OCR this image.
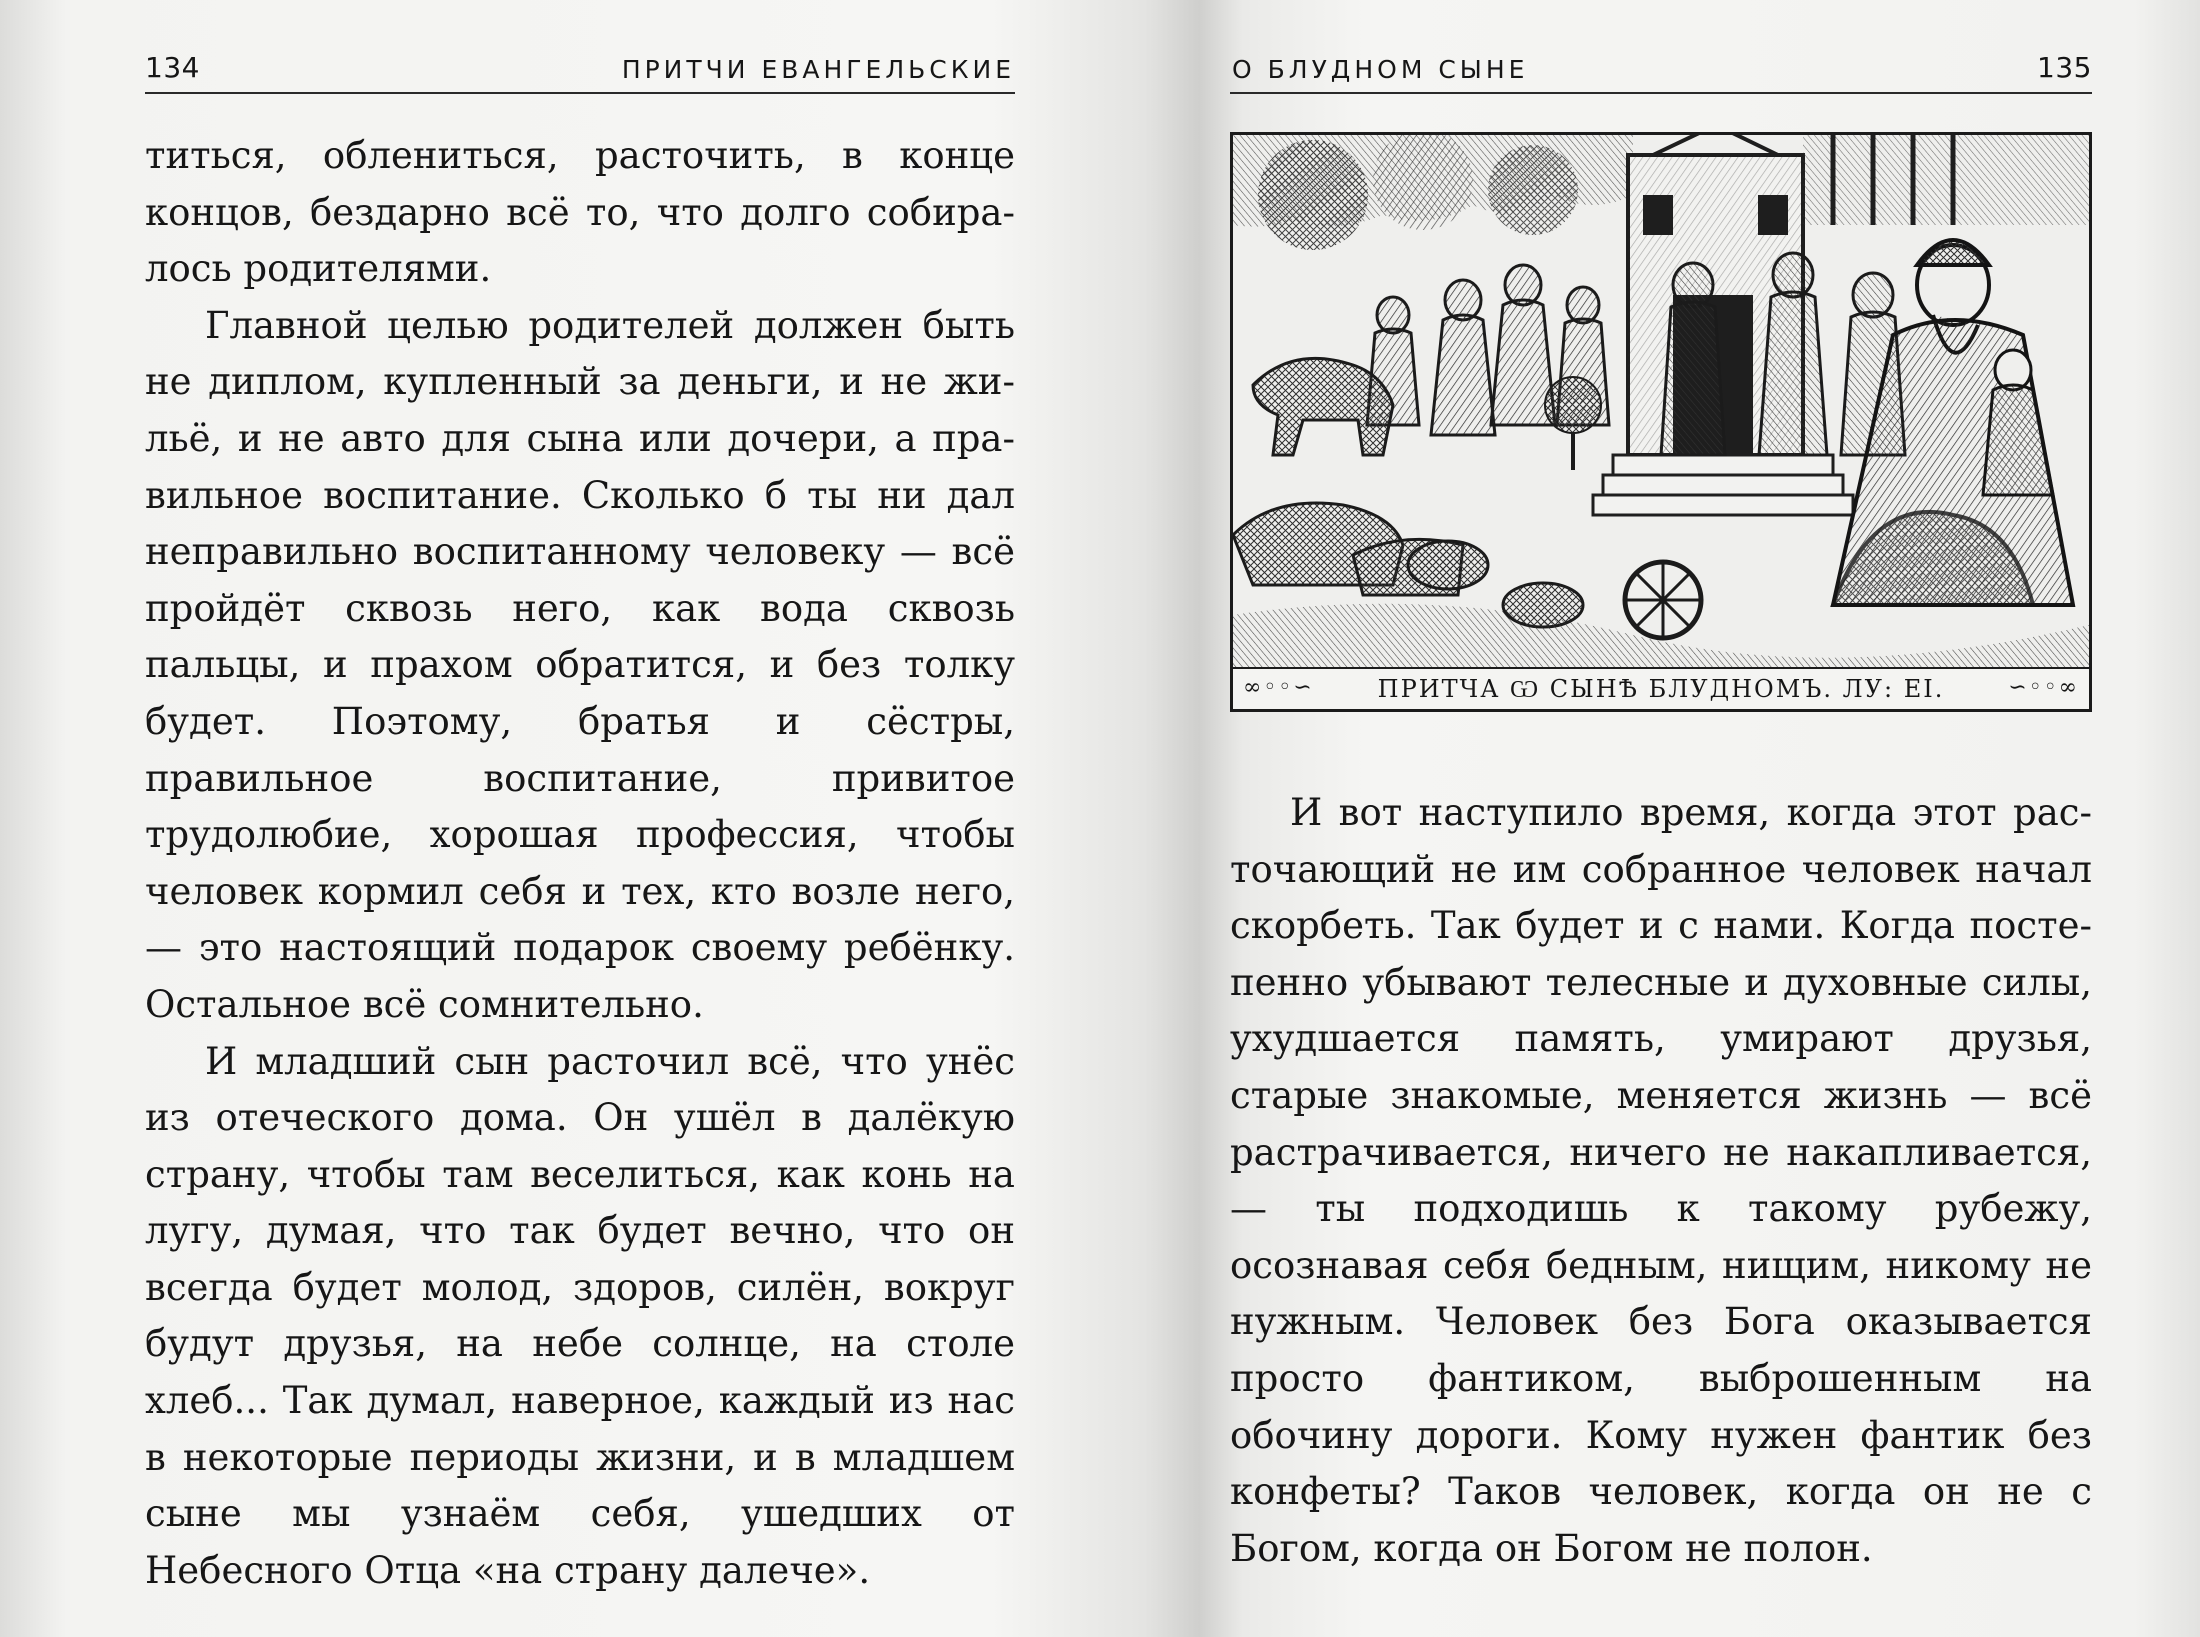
134	ПРИТЧИ ЕВАНГЕЛЬСКИЕ

титься, облениться, расточить, в конце концов, бездарно всё то, что долго собиралось родителями.

Главной целью родителей должен быть не диплом, купленный за деньги, и не жильё, и не авто для сына или дочери, а правильное воспитание. Сколько б ты ни дал неправильно воспитанному человеку — всё пройдёт сквозь него, как вода сквозь пальцы, и прахом обратится, и без толку будет. Поэтому, братья и сёстры, правильное воспитание, привитое трудолюбие, хорошая профессия, чтобы человек кормил себя и тех, кто возле него, — это настоящий подарок своему ребёнку. Остальное всё сомнительно.

И младший сын расточил всё, что унёс из отеческого дома. Он ушёл в далёкую страну, чтобы там веселиться, как конь на лугу, думая, что так будет вечно, что он всегда будет молод, здоров, силён, вокруг будут друзья, на небе солнце, на столе хлеб... Так думал, наверное, каждый из нас в некоторые периоды жизни, и в младшем сыне мы узнаём себя, ушедших от Небесного Отца «на страну далече».

О БЛУДНОМ СЫНЕ	135
∞◦◦∽	ПРИТЧА Ѡ СЫНѢ БЛУДНОМЪ. ЛУ: ЕІ.	∽◦◦∞

И вот наступило время, когда этот расточающий не им собранное человек начал скорбеть. Так будет и с нами. Когда постепенно убывают телесные и духовные силы, ухудшается память, умирают друзья, старые знакомые, меняется жизнь — всё растрачивается, ничего не накапливается, — ты подходишь к такому рубежу, осознавая себя бедным, нищим, никому не нужным. Человек без Бога оказывается просто фантиком, выброшенным на обочину дороги. Кому нужен фантик без конфеты? Таков человек, когда он не с Богом, когда он Богом не полон.
